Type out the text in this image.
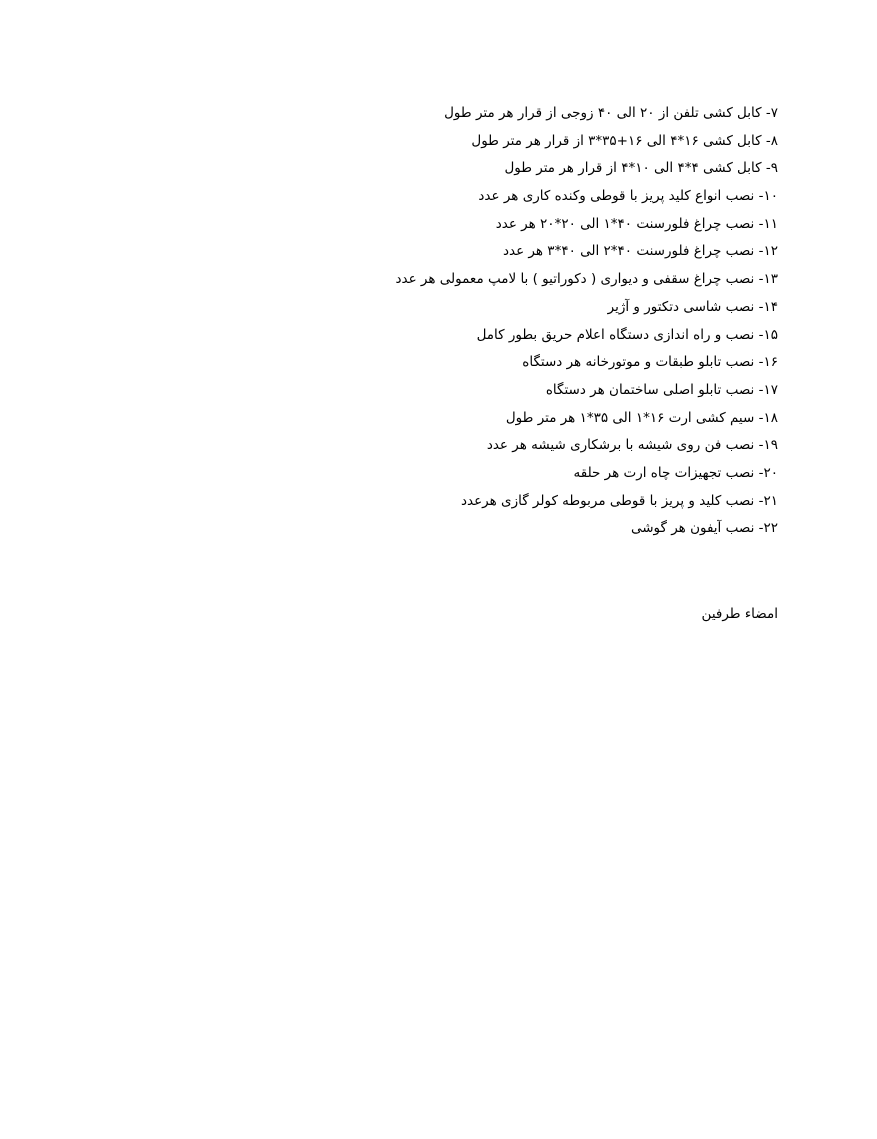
۷- کابل کشی تلفن از ۲۰ الی ۴۰ زوجی از قرار هر متر طول
۸- کابل کشی ۱۶*۴ الی ۱۶+۳۵*۳ از قرار هر متر طول
۹- کابل کشی ۴*۴ الی ۱۰*۴ از قرار هر متر طول
۱۰- نصب انواع کلید پریز با قوطی وکنده کاری هر عدد
۱۱- نصب چراغ فلورسنت ۴۰*۱ الی ۲۰*۲۰ هر عدد
۱۲- نصب چراغ فلورسنت ۴۰*۲ الی ۴۰*۳ هر عدد
۱۳- نصب چراغ سقفی و دیواری ( دکوراتیو ) با لامپ معمولی هر عدد
۱۴- نصب شاسی دتکتور و آژیر
۱۵- نصب و راه اندازی دستگاه اعلام حریق بطور کامل
۱۶- نصب تابلو طبقات و موتورخانه هر دستگاه
۱۷- نصب تابلو اصلی ساختمان هر دستگاه
۱۸- سیم کشی ارت ۱۶*۱ الی ۳۵*۱ هر متر طول
۱۹- نصب فن روی شیشه با برشکاری شیشه هر عدد
۲۰- نصب تجهیزات چاه ارت هر حلقه
۲۱- نصب کلید و پریز با قوطی مربوطه کولر گازی هرعدد
۲۲- نصب آیفون هر گوشی
امضاء طرفین
